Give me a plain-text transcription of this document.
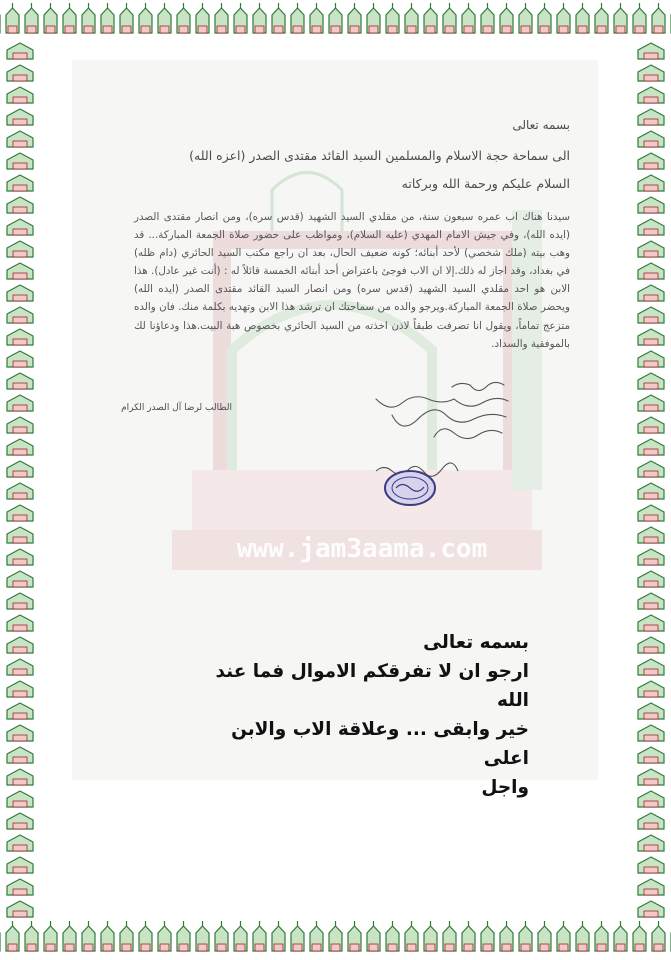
www.jam3aama.com
بسمه تعالى
الى سماحة حجة الاسلام والمسلمين السيد القائد مقتدى الصدر (اعزه الله)
السلام عليكم ورحمة الله وبركاته

سيدنا هناك اب عمره سبعون سنة، من مقلدي السيد الشهيد (قدس سره)، ومن انصار مقتدى الصدر (ايده الله)، وفي جيش الامام المهدي (عليه السلام)، ومواظب على حضور صلاة الجمعة المباركة... قد وهب بيته (ملك شخصي) لأحد أبنائه؛ كونه ضعيف الحال، بعد ان راجع مكتب السيد الحائري (دام ظله) في بغداد، وقد اجاز له ذلك.إلا ان الاب فوجئ باعتراض أحد أبنائه الخمسة قائلاً له : (أنت غير عادل). هذا الابن هو احد مقلدي السيد الشهيد (قدس سره) ومن انصار السيد القائد مقتدى الصدر (ايده الله) ويحضر صلاة الجمعة المباركة.ويرجو والده من سماحتك ان ترشد هذا الابن وتهديه بكلمة منك. فان والده متزعج تماماً، ويقول انا تصرفت طبقاً لاذن اخذته من السيد الحائري بخصوص هبة البيت.هذا ودعاؤنا لك بالموفقية والسداد.

الطالب لرضا آل الصدر الكرام
بسمه تعالى
ارجو ان لا تفرقكم الاموال فما عند الله
خير وابقى ... وعلاقة الاب والابن اعلى
واجل
